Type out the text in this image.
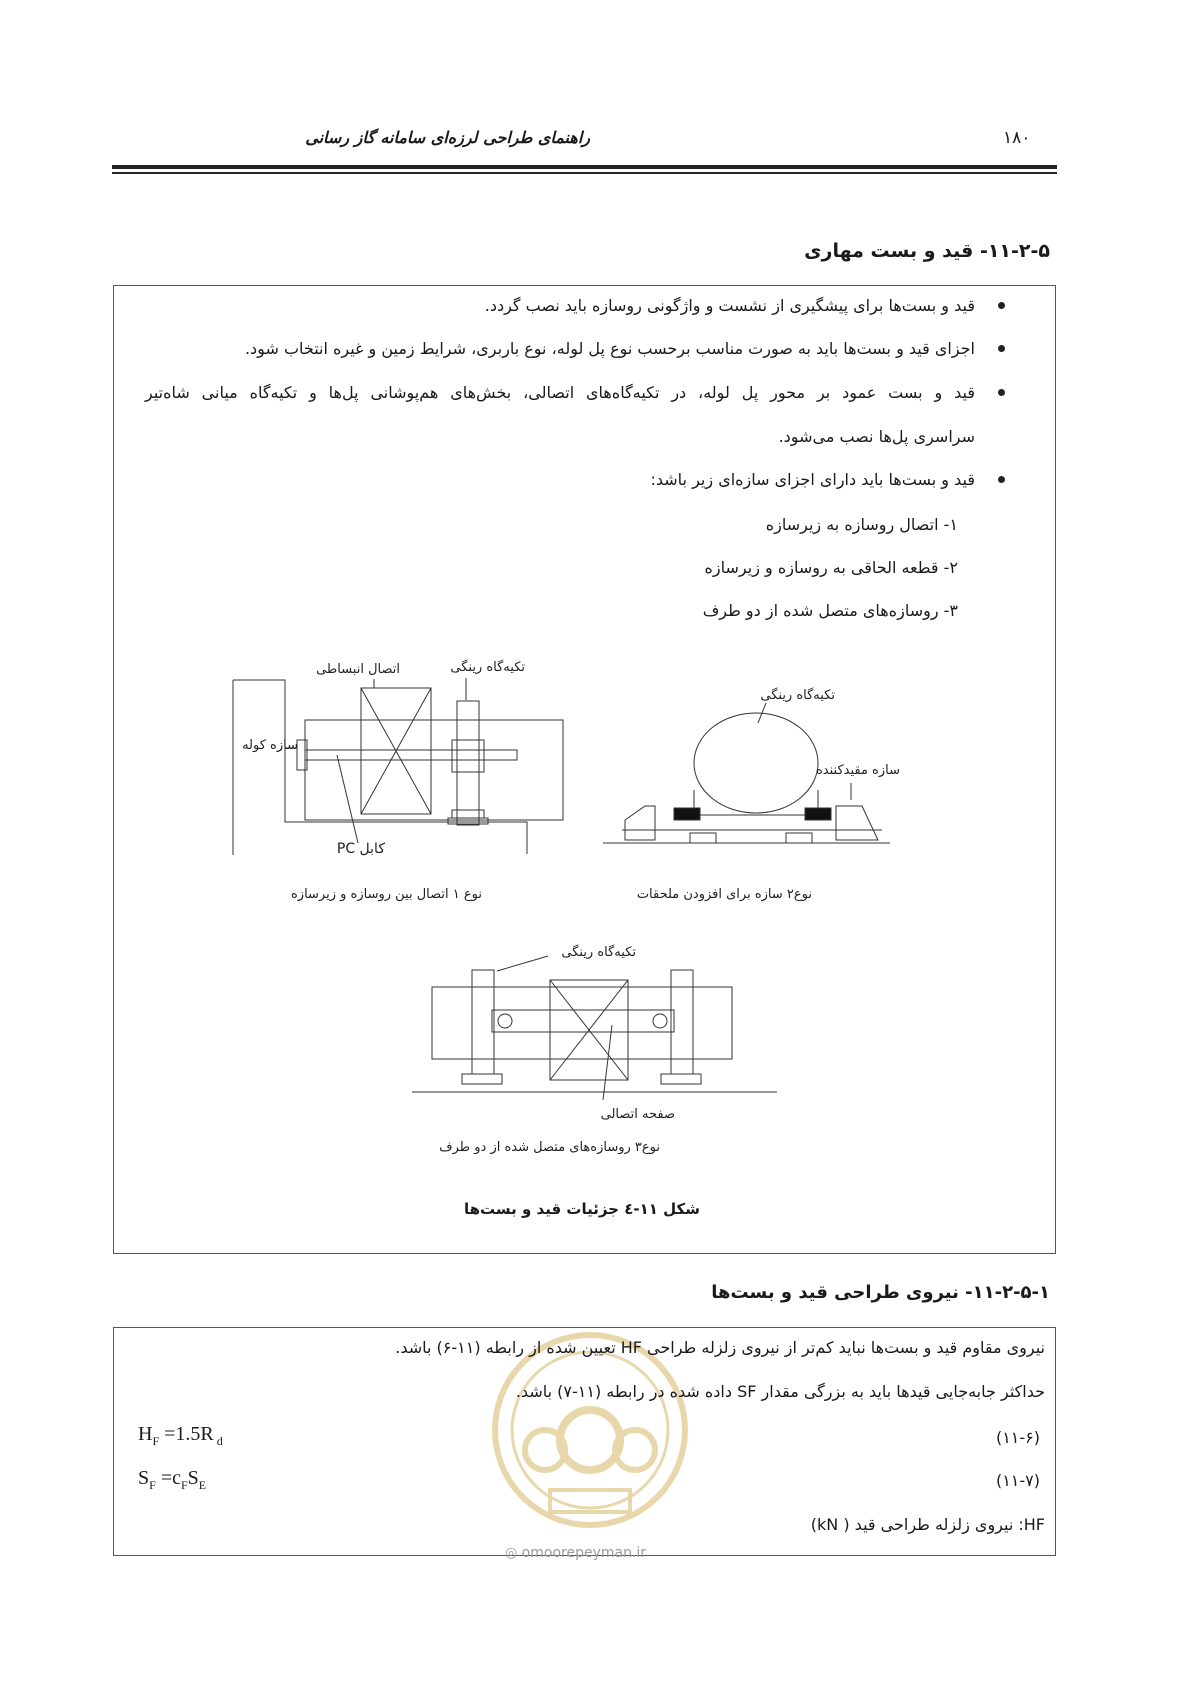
راهنمای طراحی لرزه‌ای سامانه گاز رسانی	۱۸۰
۱۱-۲-۵- قید و بست مهاری
قید و بست‌ها برای پیشگیری از نشست و واژگونی روسازه باید نصب گردد.
اجزای قید و بست‌ها باید به صورت مناسب برحسب نوع پل لوله، نوع باربری، شرایط زمین و غیره انتخاب شود.
قید و بست عمود بر محور پل لوله، در تکیه‌گاه‌های اتصالی، بخش‌های هم‌پوشانی پل‌ها و تکیه‌گاه میانی شاه‌تیر
سراسری پل‌ها نصب می‌شود.
قید و بست‌ها باید دارای اجزای سازه‌ای زیر باشد:
۱- اتصال روسازه به زیرسازه
۲- قطعه الحاقی به روسازه و زیرسازه
۳- روسازه‌های متصل شده از دو طرف
اتصال انبساطی	تکیه‌گاه رینگی
سازه کوله
کابل PC
تکیه‌گاه رینگی
سازه مقیدکننده
تکیه‌گاه رینگی
صفحه اتصالی
نوع ۱ اتصال بین روسازه و زیرسازه	نوع۲ سازه برای افزودن ملحقات
نوع۳ روسازه‌های متصل شده از دو طرف
شکل ۱۱-٤ جزئیات قید و بست‌ها
۱۱-۲-۵-۱- نیروی طراحی قید و بست‌ها
نیروی مقاوم قید و بست‌ها نباید کم‌تر از نیروی زلزله طراحی HF تعیین شده از رابطه (۱۱-۶) باشد.
حداکثر جابه‌جایی قیدها باید به بزرگی مقدار SF داده شده در رابطه (۱۱-۷) باشد.
$H_F =1.5R$ $_d$
$S_F =c_FS_E$
(۱۱-۶)
(۱۱-۷)
HF: نیروی زلزله طراحی قید ( kN)
◎ omoorepeyman.ir
